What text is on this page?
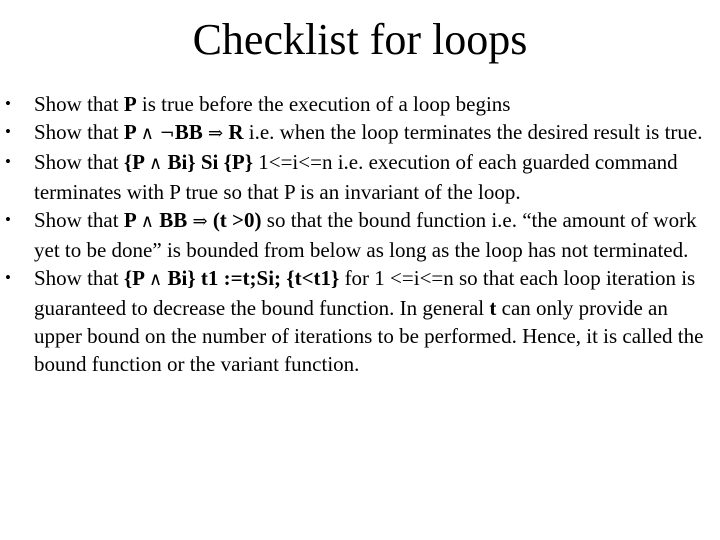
Checklist for loops
•	Show that P is true before the execution of a loop begins
•	Show that P ∧ ¬BB ⇒ R i.e. when the loop terminates the desired result is true.
•	Show that {P ∧ Bi} Si {P} 1<=i<=n i.e. execution of each guarded command terminates with P true so that P is an invariant of the loop.
•	Show that P ∧ BB ⇒ (t >0) so that the bound function i.e. “the amount of work yet to be done” is bounded from below as long as the loop has not terminated.
•	Show that {P ∧ Bi} t1 :=t;Si; {t<t1} for 1 <=i<=n so that each loop iteration is guaranteed to decrease the bound function. In general t can only provide an upper bound on the number of iterations to be performed. Hence, it is called the bound function or the variant function.
